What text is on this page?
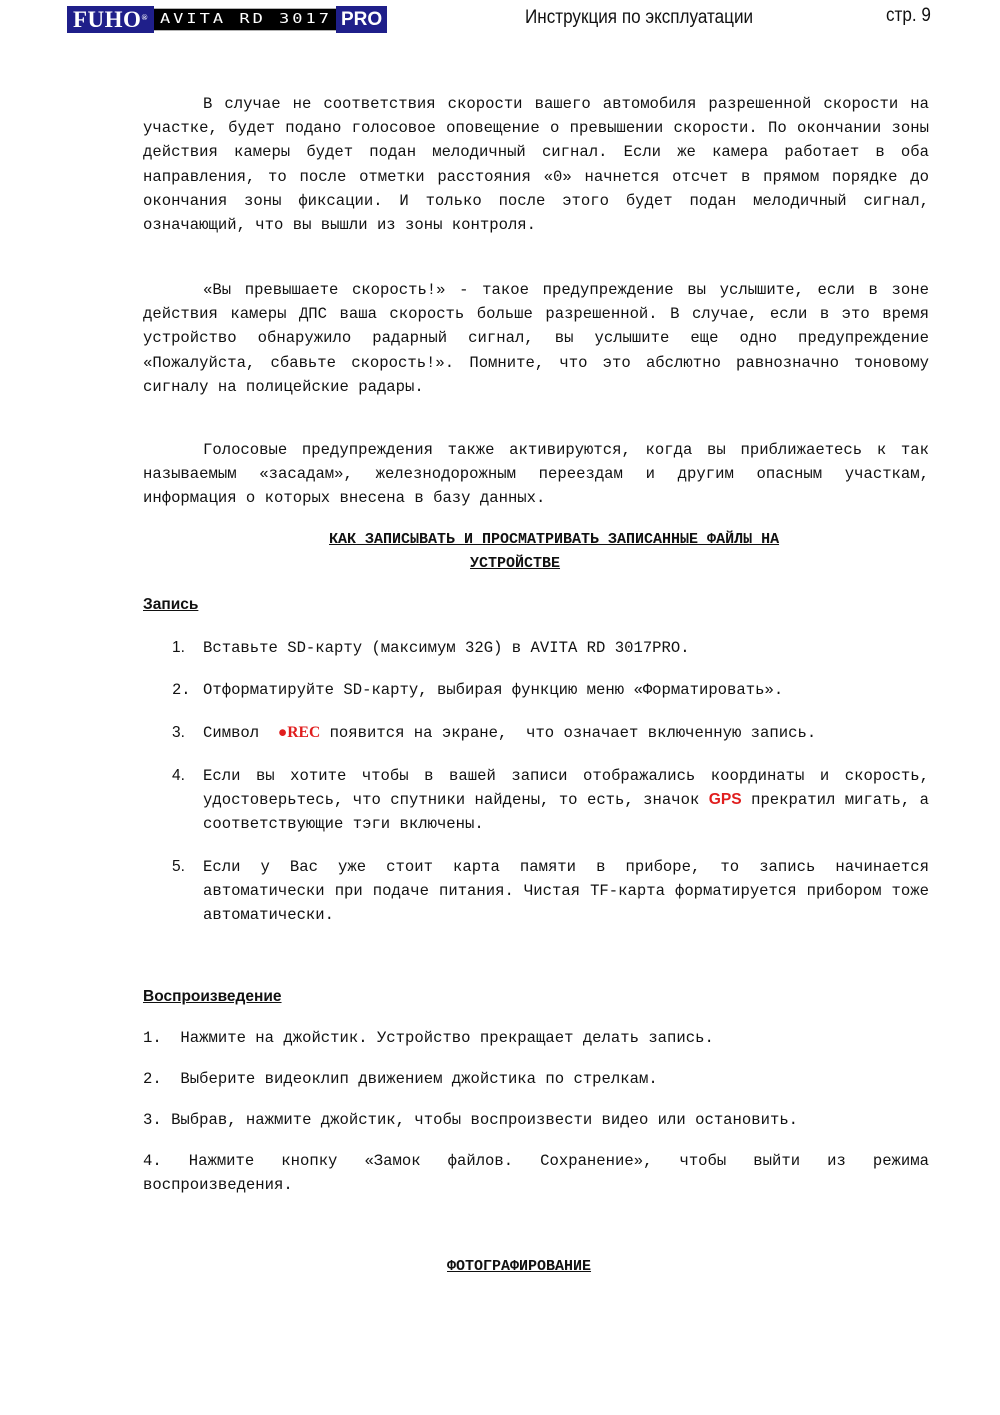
FUHO® AVITA RD 3017 PRO	Инструкция по эксплуатации	стр. 9

В случае не соответствия скорости вашего автомобиля разрешенной скорости на участке, будет подано голосовое оповещение о превышении скорости. По окончании зоны действия камеры будет подан мелодичный сигнал. Если же камера работает в оба направления, то после отметки расстояния «0» начнется отсчет в прямом порядке до окончания зоны фиксации. И только после этого будет подан мелодичный сигнал, означающий, что вы вышли из зоны контроля.

«Вы превышаете скорость!» - такое предупреждение вы услышите, если в зоне действия камеры ДПС ваша скорость больше разрешенной. В случае, если в это время устройство обнаружило радарный сигнал, вы услышите еще одно предупреждение «Пожалуйста, сбавьте скорость!». Помните, что это абслютно равнозначно тоновому сигналу на полицейские радары.

Голосовые предупреждения также активируются, когда вы приближаетесь к так называемым «засадам», железнодорожным переездам и другим опасным участкам, информация о которых внесена в базу данных.

КАК ЗАПИСЫВАТЬ И ПРОСМАТРИВАТЬ ЗАПИСАННЫЕ ФАЙЛЫ НА
УСТРОЙСТВЕ
Запись
1.	Вставьте SD-карту (максимум 32G) в AVITA RD 3017PRO.
2. Отформатируйте SD-карту, выбирая функцию меню «Форматировать».
3.	Символ  ●REC появится на экране,  что означает включенную запись.
4.	Если вы хотите чтобы в вашей записи отображались координаты и скорость, удостоверьтесь, что спутники найдены, то есть, значок GPS прекратил мигать, а соответствующие тэги включены.
5.	Если у Вас уже стоит карта памяти в приборе, то запись начинается автоматически при подаче питания. Чистая TF-карта форматируется прибором тоже автоматически.
Воспроизведение
1.  Нажмите на джойстик. Устройство прекращает делать запись.
2.  Выберите видеоклип движением джойстика по стрелкам.
3. Выбрав, нажмите джойстик, чтобы воспроизвести видео или остановить.
4. Нажмите кнопку «Замок файлов. Сохранение», чтобы выйти из режима воспроизведения.
ФОТОГРАФИРОВАНИЕ
